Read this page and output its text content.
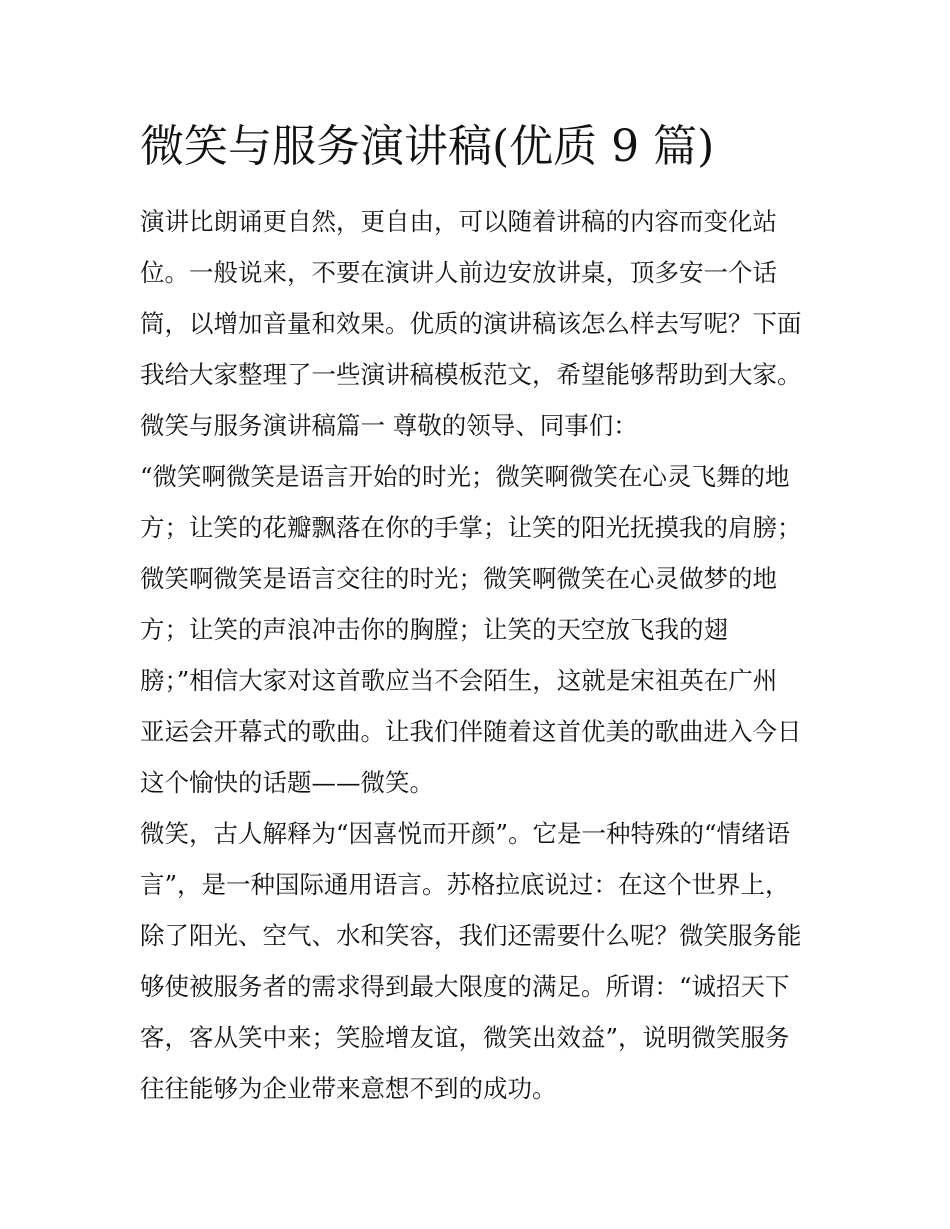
微笑与服务演讲稿(优质 9 篇)

演讲比朗诵更自然，更自由，可以随着讲稿的内容而变化站

位。一般说来，不要在演讲人前边安放讲桌，顶多安一个话

筒，以增加音量和效果。优质的演讲稿该怎么样去写呢？下面

我给大家整理了一些演讲稿模板范文，希望能够帮助到大家。

微笑与服务演讲稿篇一 尊敬的领导、同事们：

“微笑啊微笑是语言开始的时光；微笑啊微笑在心灵飞舞的地

方；让笑的花瓣飘落在你的手掌；让笑的阳光抚摸我的肩膀；

微笑啊微笑是语言交往的时光；微笑啊微笑在心灵做梦的地

方；让笑的声浪冲击你的胸膛；让笑的天空放飞我的翅

膀；”相信大家对这首歌应当不会陌生，这就是宋祖英在广州

亚运会开幕式的歌曲。让我们伴随着这首优美的歌曲进入今日

这个愉快的话题——微笑。

微笑，古人解释为“因喜悦而开颜”。它是一种特殊的“情绪语

言”，是一种国际通用语言。苏格拉底说过：在这个世界上，

除了阳光、空气、水和笑容，我们还需要什么呢？微笑服务能

够使被服务者的需求得到最大限度的满足。所谓：“诚招天下

客，客从笑中来；笑脸增友谊，微笑出效益”，说明微笑服务

往往能够为企业带来意想不到的成功。
